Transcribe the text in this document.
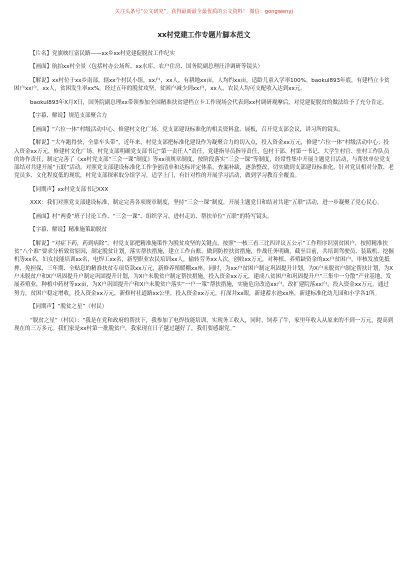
关注头条号“公文研究”，获得最新最全最优质的公文资料！ 微信：gongwenyj
xx村党建工作专题片脚本范文

【片名】党旗映红富民路——xx乡xx村党建促脱贫工作纪实

【画面】航拍xx村全景（包括村办公场所、xx水库、农户住房、国务院副总理汪洋调研等镜头）

【解说】xx村位于xx乡南部，辖xx个村民小组，xx户，xx人，有耕地xx亩，人均约xx亩，适龄儿童入学率100%。baokul893年底，有建档立卡贫困户xx户，xx人，贫困发生率xx%。经过五年的脱贫攻坚，贫困户减少到xx户，xx人，农民人均可支配收入达到xx元。

baokul893年X月X日，国务院副总理xx带领参加全国精准扶贫建档立卡工作现场会代表到xx村调研观摩后，对党建促脱贫的做法给予了充分肯定。

【字幕、解说】规范支部聚合力

【画面】“六位一体”村级活动中心、修建村文化广场、党支部建设标准化的相关资料盒、展板，召开党支部会议，讲习所的镜头。

【解说】“大车跑得快，全靠车头带”，近年来，村党支部把标准化建设作为凝聚合力的切入点，投入资金xx万元，修建“六位一体”村级活动中心；投入资金xx万元，修建村文化广场。村党支部明确党支部书记“第一责任人”责任，党建指导员指导责任，包村干部、村第一书记、大学生村官、驻村工作队员的协作责任，制定完善了《xx村党支部“三会一课”制度》等xx项规章制度，按阶段落实“三会一课”等制度，经常性集中开展主题党日活动，与帮扶单位党支部结对共建开展“五联”活动。对照党支部建设标准化工作争创清单和达标评定体系，查漏补缺，逐条整改，切实做到支部建设标准化，针对党员相对分散、老党员多、文化程度低的现状，村党支部探索取分组学习，适学上门，有针对性的开展学习活动，做到学习教育全覆盖。

【同期声】xx村党支部书记XXX

XXX：我们对照党支部建设标准，制定完善各项规章制度，坚持“三会一课”制度，开展主题党日和结对共建“五联”活动，进一步凝聚了党心民心。

【画面】村“两委”班子讨论工作、“三会一课”、组织学习、进村走访、帮扶单位“五联”的特写镜头。

【字幕、解说】精准施策助脱贫

【解说】“对症下药，药到病除”。村党支部把精准施策作为脱贫攻坚的关键点，按照“一核三看三比四评议五公示”工作程序识别贫困户，按照精准扶贫“八个准”要求分析致贫原因，制定脱贫计划，落实帮扶措施，建立工作台账，做到防控扶贫措施，作战任务明确，截至目前，共培训驾驶员、装载机、挖掘机等xx名，妇女技能培训xx名，电焊工xx名，新型职业农民培训xx人，输转劳务xx人次，创收xx万元，对种植、养殖缺资金的xx户贫困户，审核发放免抵押、免担保、三年期、全贴息的精准扶贫专项贷款xx万元，新修养殖暖棚xx座。同时，为xx户贫困户制定巩固提升计划，为X户未脱贫户制定帮扶计划，为X户未脱贫户和X户巩固提升户制定巩固提升计划，为X户未脱贫户制定帮扶措施，投入资金xx万元，建成八贫困户和巩固提升户“三集中一分散”产业基地，发展养殖业，种植中药材等xx亩，为X户巩固提升户和X户未脱贫户落实“一户一策”帮扶措施，实施危房改造xx户，改扩建院落xx户，投入资金xx万元。通过努力，贫困户稳定增收，投入资金xx万元，新修村社道路xx公里，投入资金xx万元，打深井xx眼，新建蓄水池xx座，新建标准化幼儿园和小学各1所。

【同期声】“脱贫之星”（村民）

“脱贫之星”（村民）：“我是在党和政府的帮扶下，我参加了电焊技能培训，实现务工收入，同时，饲养了牛，家里年收入从原来的不到一万元，提高到现在的三万多元。我们家是xx村第一批脱贫户，我家现在日子越过越好了，我们要感谢党。”
